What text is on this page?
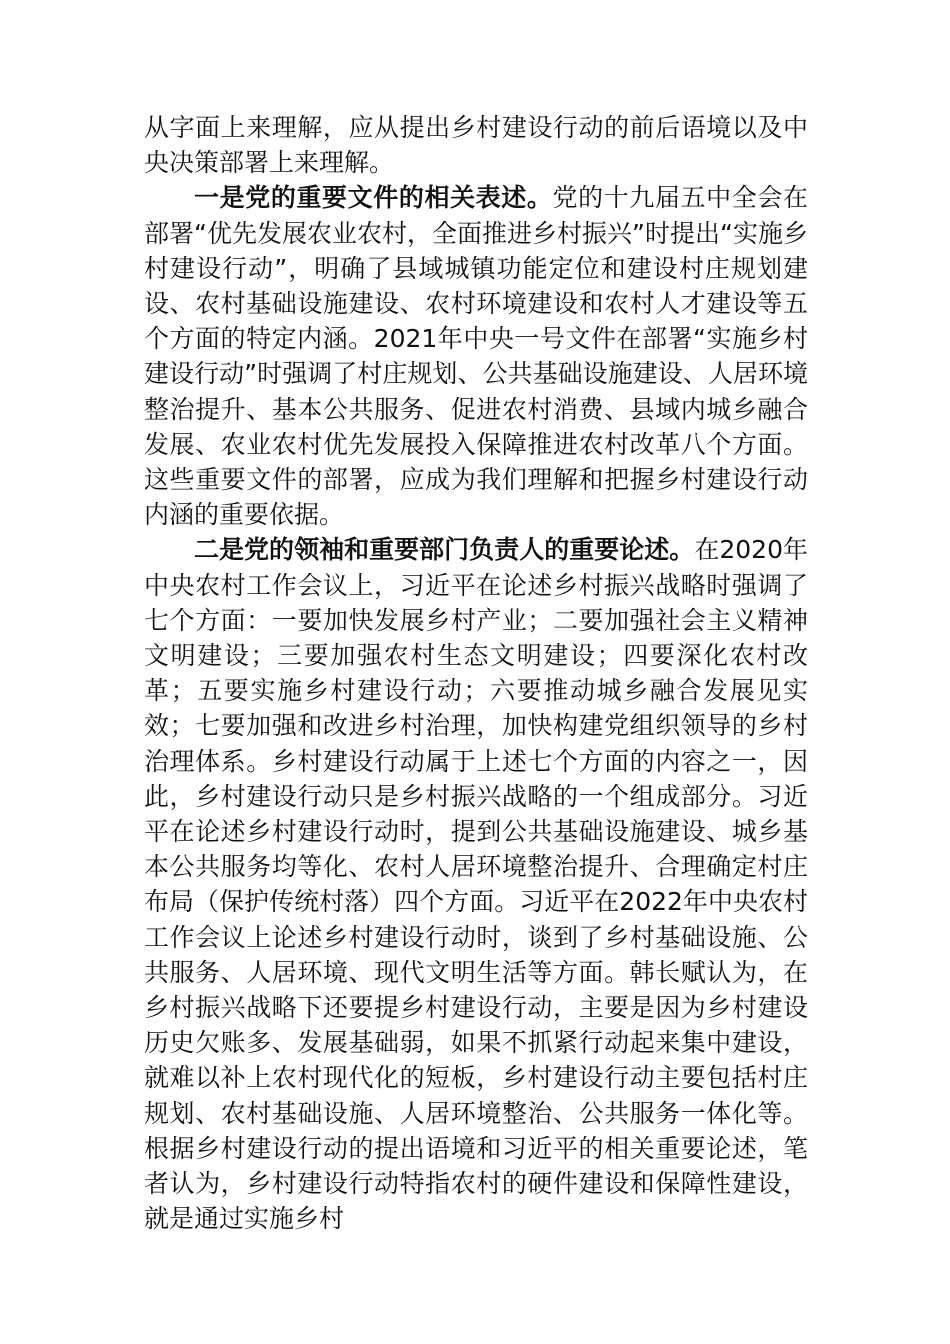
从字面上来理解，应从提出乡村建设行动的前后语境以及中央决策部署上来理解。

一是党的重要文件的相关表述。党的十九届五中全会在部署“优先发展农业农村，全面推进乡村振兴”时提出“实施乡村建设行动”，明确了县域城镇功能定位和建设村庄规划建设、农村基础设施建设、农村环境建设和农村人才建设等五个方面的特定内涵。2021年中央一号文件在部署“实施乡村建设行动”时强调了村庄规划、公共基础设施建设、人居环境整治提升、基本公共服务、促进农村消费、县域内城乡融合发展、农业农村优先发展投入保障推进农村改革八个方面。这些重要文件的部署，应成为我们理解和把握乡村建设行动内涵的重要依据。

二是党的领袖和重要部门负责人的重要论述。在2020年中央农村工作会议上，习近平在论述乡村振兴战略时强调了七个方面：一要加快发展乡村产业；二要加强社会主义精神文明建设；三要加强农村生态文明建设；四要深化农村改革；五要实施乡村建设行动；六要推动城乡融合发展见实效；七要加强和改进乡村治理，加快构建党组织领导的乡村治理体系。乡村建设行动属于上述七个方面的内容之一，因此，乡村建设行动只是乡村振兴战略的一个组成部分。习近平在论述乡村建设行动时，提到公共基础设施建设、城乡基本公共服务均等化、农村人居环境整治提升、合理确定村庄布局（保护传统村落）四个方面。习近平在2022年中央农村工作会议上论述乡村建设行动时，谈到了乡村基础设施、公共服务、人居环境、现代文明生活等方面。韩长赋认为，在乡村振兴战略下还要提乡村建设行动，主要是因为乡村建设历史欠账多、发展基础弱，如果不抓紧行动起来集中建设，就难以补上农村现代化的短板，乡村建设行动主要包括村庄规划、农村基础设施、人居环境整治、公共服务一体化等。根据乡村建设行动的提出语境和习近平的相关重要论述，笔者认为，乡村建设行动特指农村的硬件建设和保障性建设，就是通过实施乡村
